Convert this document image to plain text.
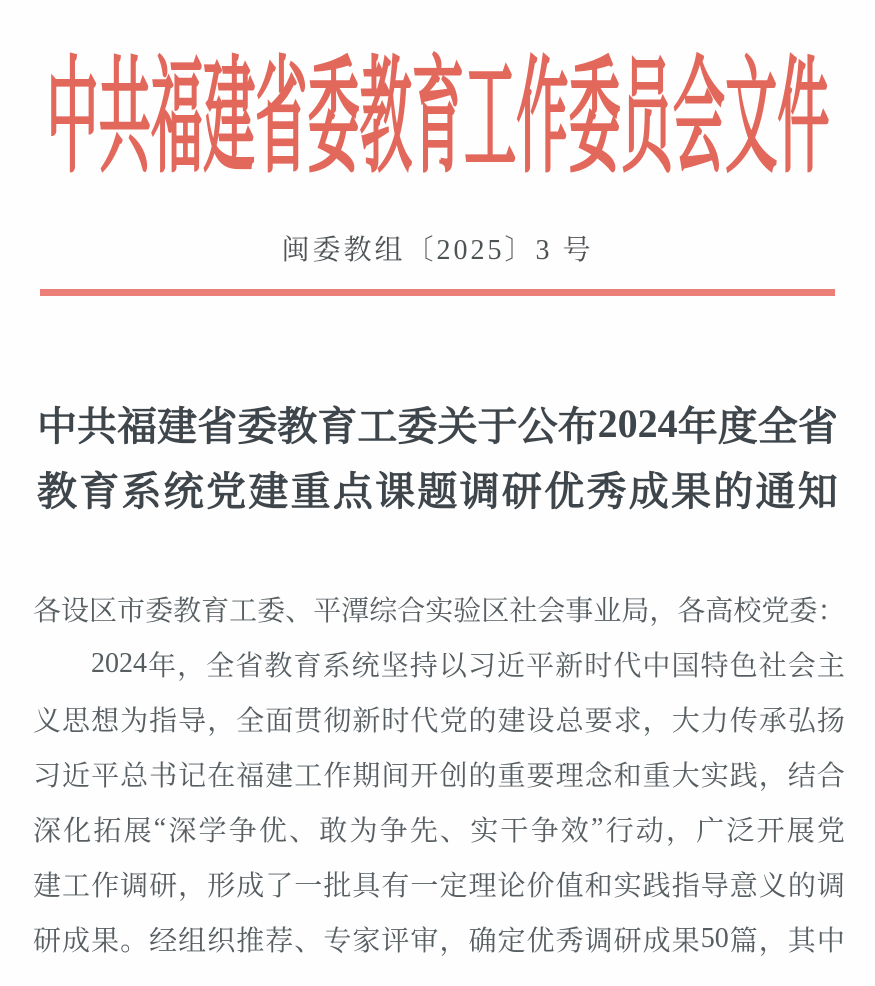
中共福建省委教育工作委员会文件
闽委教组〔2025〕3 号
中 共 福 建 省 委 教 育 工 委 关 于 公 布 2024 年 度 全 省
教 育 系 统 党 建 重 点 课 题 调 研 优 秀 成 果 的 通 知
各 设 区 市 委 教 育 工 委 、 平 潭 综 合 实 验 区 社 会 事 业 局 ， 各 高 校 党 委 ：
2024 年 ， 全 省 教 育 系 统 坚 持 以 习 近 平 新 时 代 中 国 特 色 社 会 主
义 思 想 为 指 导 ， 全 面 贯 彻 新 时 代 党 的 建 设 总 要 求 ， 大 力 传 承 弘 扬
习 近 平 总 书 记 在 福 建 工 作 期 间 开 创 的 重 要 理 念 和 重 大 实 践 ， 结 合
深 化 拓 展 “ 深 学 争 优 、 敢 为 争 先 、 实 干 争 效 ” 行 动 ， 广 泛 开 展 党
建 工 作 调 研 ， 形 成 了 一 批 具 有 一 定 理 论 价 值 和 实 践 指 导 意 义 的 调
研 成 果 。 经 组 织 推 荐 、 专 家 评 审 ， 确 定 优 秀 调 研 成 果 50 篇 ， 其 中
